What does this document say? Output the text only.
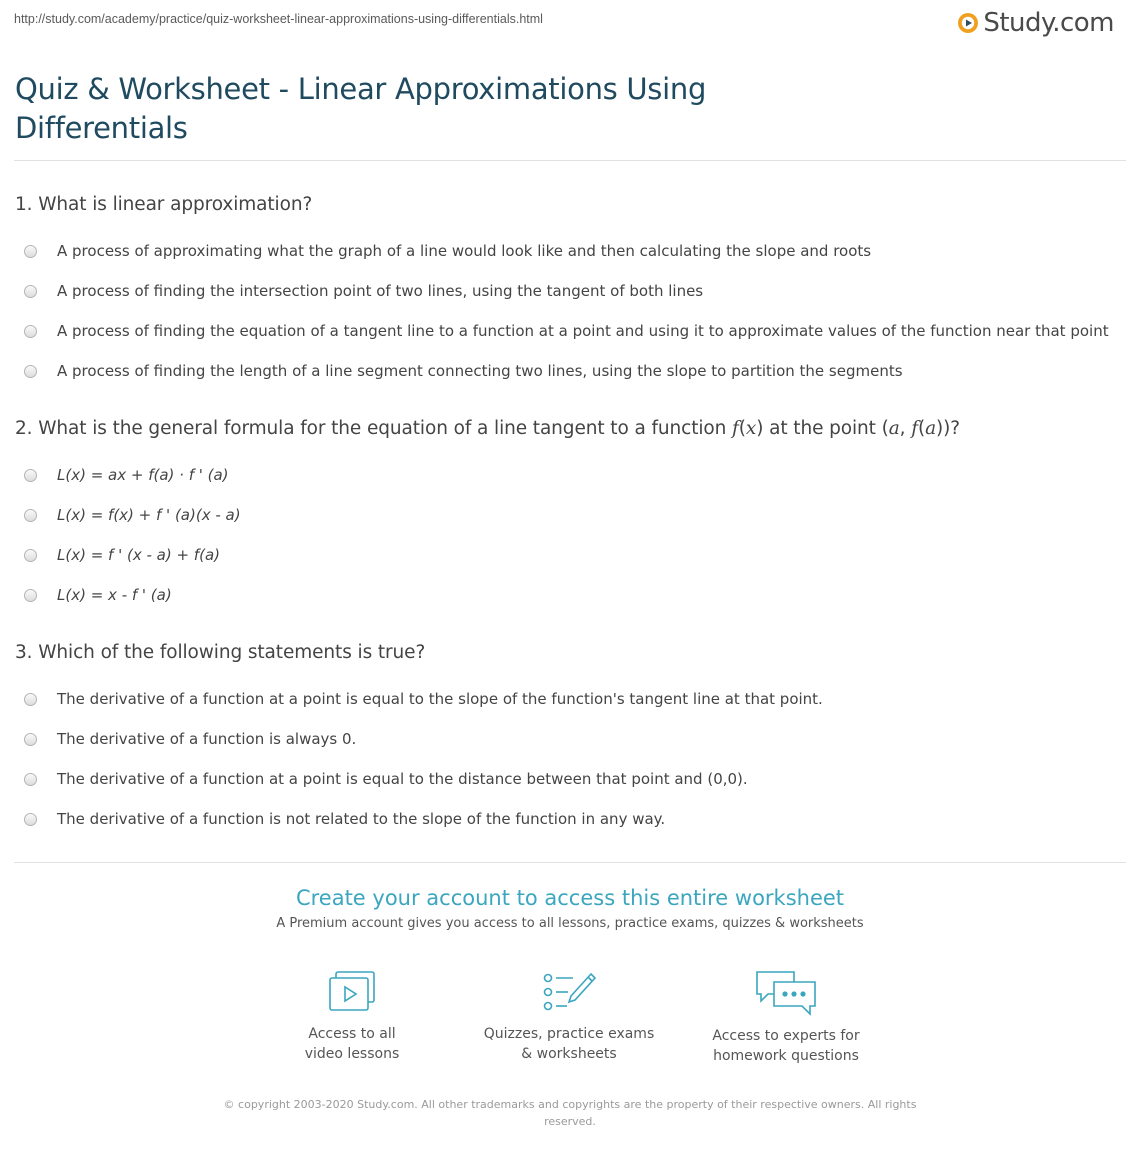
http://study.com/academy/practice/quiz-worksheet-linear-approximations-using-differentials.html	Study.com
Quiz & Worksheet - Linear Approximations Using Differentials

1. What is linear approximation?

A process of approximating what the graph of a line would look like and then calculating the slope and roots
A process of finding the intersection point of two lines, using the tangent of both lines
A process of finding the equation of a tangent line to a function at a point and using it to approximate values of the function near that point
A process of finding the length of a line segment connecting two lines, using the slope to partition the segments

2. What is the general formula for the equation of a line tangent to a function f(x) at the point (a, f(a))?

L(x) = ax + f(a) · f ' (a)
L(x) = f(x) + f ' (a)(x - a)
L(x) = f ' (x - a) + f(a)
L(x) = x - f ' (a)

3. Which of the following statements is true?

The derivative of a function at a point is equal to the slope of the function's tangent line at that point.
The derivative of a function is always 0.
The derivative of a function at a point is equal to the distance between that point and (0,0).
The derivative of a function is not related to the slope of the function in any way.
Create your account to access this entire worksheet
A Premium account gives you access to all lessons, practice exams, quizzes & worksheets
Access to all
video lessons
Quizzes, practice exams
& worksheets
Access to experts for
homework questions
© copyright 2003-2020 Study.com. All other trademarks and copyrights are the property of their respective owners. All rights reserved.
